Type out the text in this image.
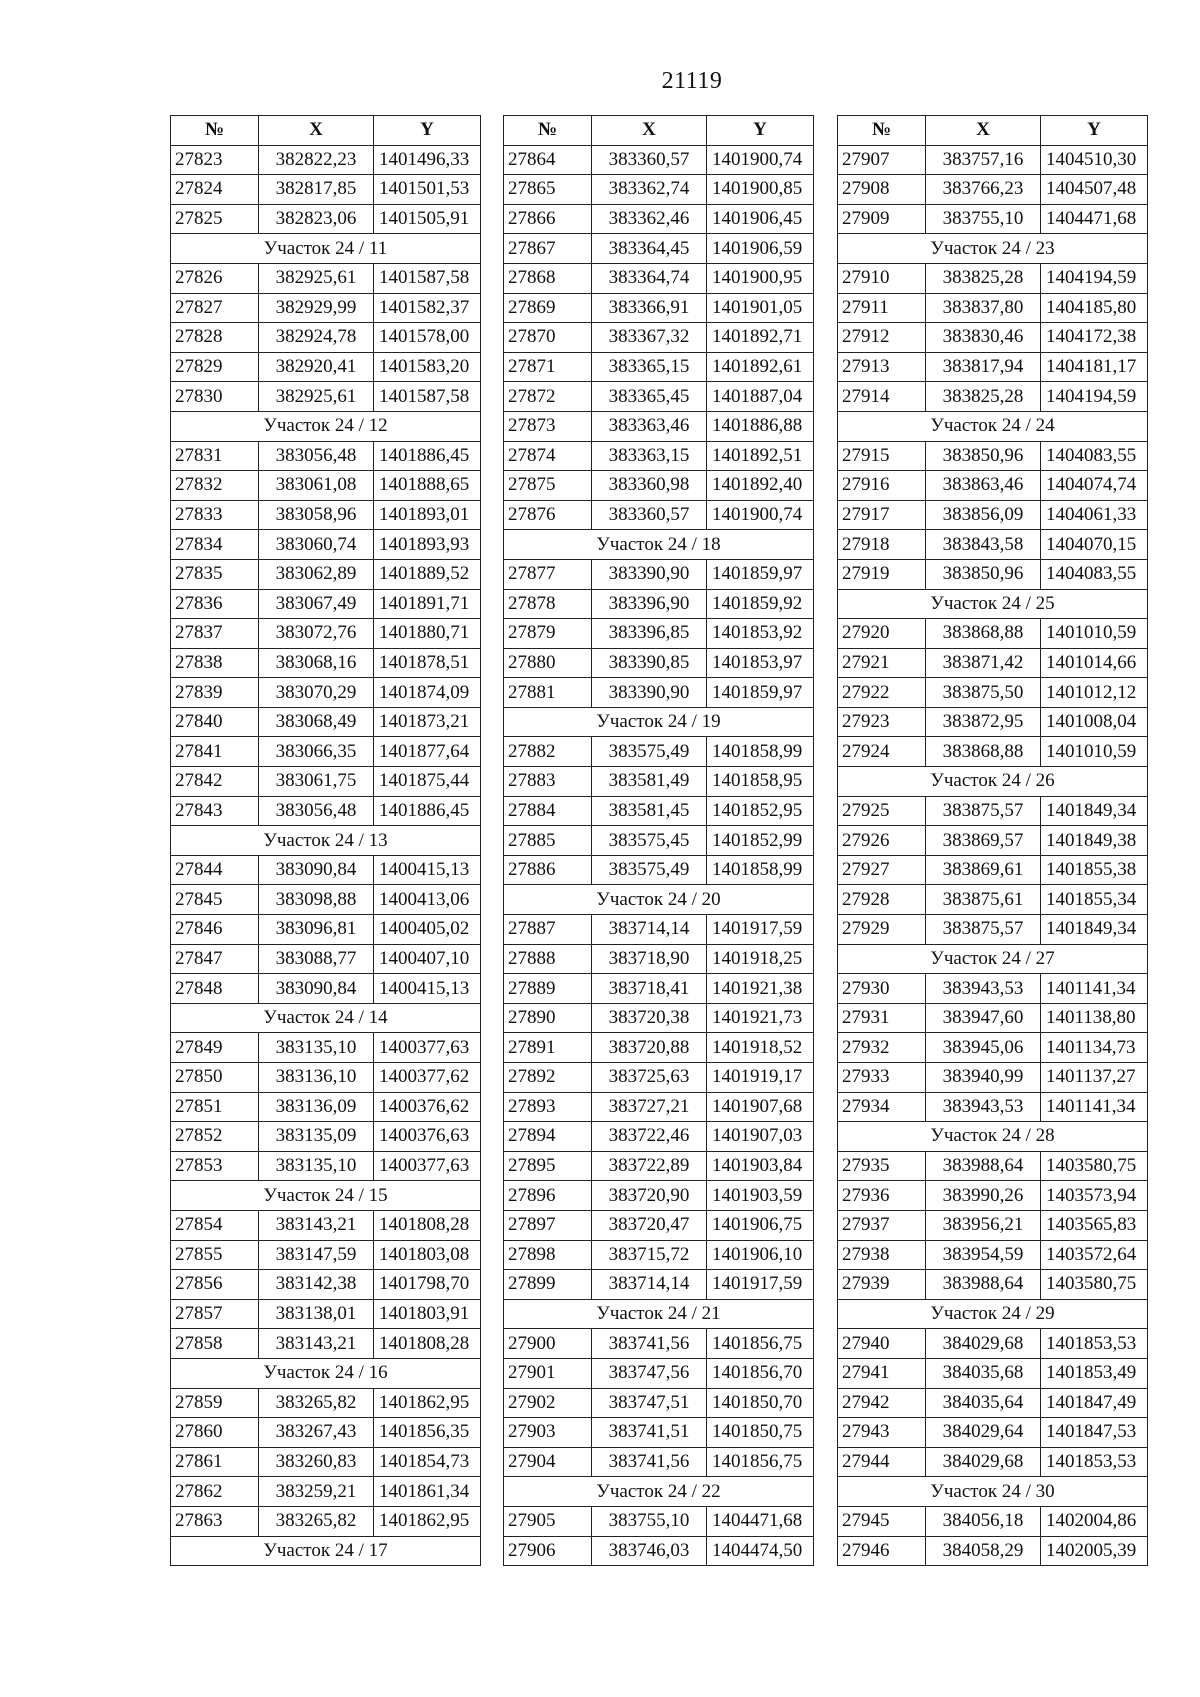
21119
№	X	Y
27823	382822,23	1401496,33
27824	382817,85	1401501,53
27825	382823,06	1401505,91
Участок 24 / 11		
27826	382925,61	1401587,58
27827	382929,99	1401582,37
27828	382924,78	1401578,00
27829	382920,41	1401583,20
27830	382925,61	1401587,58
Участок 24 / 12		
27831	383056,48	1401886,45
27832	383061,08	1401888,65
27833	383058,96	1401893,01
27834	383060,74	1401893,93
27835	383062,89	1401889,52
27836	383067,49	1401891,71
27837	383072,76	1401880,71
27838	383068,16	1401878,51
27839	383070,29	1401874,09
27840	383068,49	1401873,21
27841	383066,35	1401877,64
27842	383061,75	1401875,44
27843	383056,48	1401886,45
Участок 24 / 13		
27844	383090,84	1400415,13
27845	383098,88	1400413,06
27846	383096,81	1400405,02
27847	383088,77	1400407,10
27848	383090,84	1400415,13
Участок 24 / 14		
27849	383135,10	1400377,63
27850	383136,10	1400377,62
27851	383136,09	1400376,62
27852	383135,09	1400376,63
27853	383135,10	1400377,63
Участок 24 / 15		
27854	383143,21	1401808,28
27855	383147,59	1401803,08
27856	383142,38	1401798,70
27857	383138,01	1401803,91
27858	383143,21	1401808,28
Участок 24 / 16		
27859	383265,82	1401862,95
27860	383267,43	1401856,35
27861	383260,83	1401854,73
27862	383259,21	1401861,34
27863	383265,82	1401862,95
Участок 24 / 17		
№	X	Y
27864	383360,57	1401900,74
27865	383362,74	1401900,85
27866	383362,46	1401906,45
27867	383364,45	1401906,59
27868	383364,74	1401900,95
27869	383366,91	1401901,05
27870	383367,32	1401892,71
27871	383365,15	1401892,61
27872	383365,45	1401887,04
27873	383363,46	1401886,88
27874	383363,15	1401892,51
27875	383360,98	1401892,40
27876	383360,57	1401900,74
Участок 24 / 18		
27877	383390,90	1401859,97
27878	383396,90	1401859,92
27879	383396,85	1401853,92
27880	383390,85	1401853,97
27881	383390,90	1401859,97
Участок 24 / 19		
27882	383575,49	1401858,99
27883	383581,49	1401858,95
27884	383581,45	1401852,95
27885	383575,45	1401852,99
27886	383575,49	1401858,99
Участок 24 / 20		
27887	383714,14	1401917,59
27888	383718,90	1401918,25
27889	383718,41	1401921,38
27890	383720,38	1401921,73
27891	383720,88	1401918,52
27892	383725,63	1401919,17
27893	383727,21	1401907,68
27894	383722,46	1401907,03
27895	383722,89	1401903,84
27896	383720,90	1401903,59
27897	383720,47	1401906,75
27898	383715,72	1401906,10
27899	383714,14	1401917,59
Участок 24 / 21		
27900	383741,56	1401856,75
27901	383747,56	1401856,70
27902	383747,51	1401850,70
27903	383741,51	1401850,75
27904	383741,56	1401856,75
Участок 24 / 22		
27905	383755,10	1404471,68
27906	383746,03	1404474,50
№	X	Y
27907	383757,16	1404510,30
27908	383766,23	1404507,48
27909	383755,10	1404471,68
Участок 24 / 23		
27910	383825,28	1404194,59
27911	383837,80	1404185,80
27912	383830,46	1404172,38
27913	383817,94	1404181,17
27914	383825,28	1404194,59
Участок 24 / 24		
27915	383850,96	1404083,55
27916	383863,46	1404074,74
27917	383856,09	1404061,33
27918	383843,58	1404070,15
27919	383850,96	1404083,55
Участок 24 / 25		
27920	383868,88	1401010,59
27921	383871,42	1401014,66
27922	383875,50	1401012,12
27923	383872,95	1401008,04
27924	383868,88	1401010,59
Участок 24 / 26		
27925	383875,57	1401849,34
27926	383869,57	1401849,38
27927	383869,61	1401855,38
27928	383875,61	1401855,34
27929	383875,57	1401849,34
Участок 24 / 27		
27930	383943,53	1401141,34
27931	383947,60	1401138,80
27932	383945,06	1401134,73
27933	383940,99	1401137,27
27934	383943,53	1401141,34
Участок 24 / 28		
27935	383988,64	1403580,75
27936	383990,26	1403573,94
27937	383956,21	1403565,83
27938	383954,59	1403572,64
27939	383988,64	1403580,75
Участок 24 / 29		
27940	384029,68	1401853,53
27941	384035,68	1401853,49
27942	384035,64	1401847,49
27943	384029,64	1401847,53
27944	384029,68	1401853,53
Участок 24 / 30		
27945	384056,18	1402004,86
27946	384058,29	1402005,39
